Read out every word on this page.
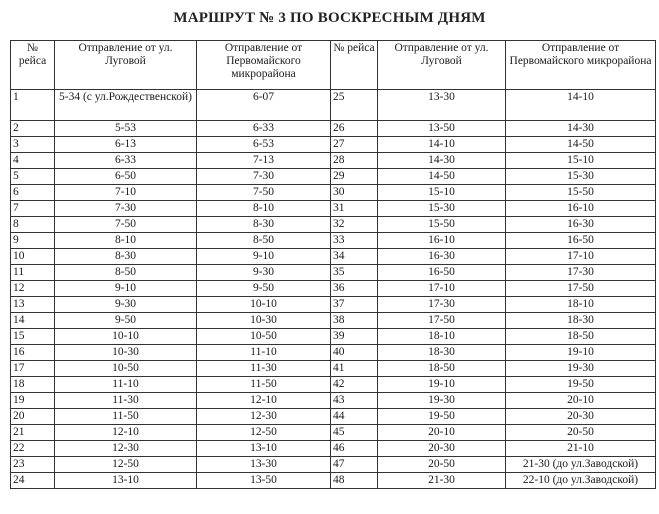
МАРШРУТ № 3 ПО ВОСКРЕСНЫМ ДНЯМ
№ рейса	Отправление от ул. Луговой	Отправление от Первомайского микрорайона	№ рейса	Отправление от ул. Луговой	Отправление от Первомайского микрорайона
1	5-34 (с ул.Рождественской)	6-07	25	13-30	14-10
2	5-53	6-33	26	13-50	14-30
3	6-13	6-53	27	14-10	14-50
4	6-33	7-13	28	14-30	15-10
5	6-50	7-30	29	14-50	15-30
6	7-10	7-50	30	15-10	15-50
7	7-30	8-10	31	15-30	16-10
8	7-50	8-30	32	15-50	16-30
9	8-10	8-50	33	16-10	16-50
10	8-30	9-10	34	16-30	17-10
11	8-50	9-30	35	16-50	17-30
12	9-10	9-50	36	17-10	17-50
13	9-30	10-10	37	17-30	18-10
14	9-50	10-30	38	17-50	18-30
15	10-10	10-50	39	18-10	18-50
16	10-30	11-10	40	18-30	19-10
17	10-50	11-30	41	18-50	19-30
18	11-10	11-50	42	19-10	19-50
19	11-30	12-10	43	19-30	20-10
20	11-50	12-30	44	19-50	20-30
21	12-10	12-50	45	20-10	20-50
22	12-30	13-10	46	20-30	21-10
23	12-50	13-30	47	20-50	21-30 (до ул.Заводской)
24	13-10	13-50	48	21-30	22-10 (до ул.Заводской)
